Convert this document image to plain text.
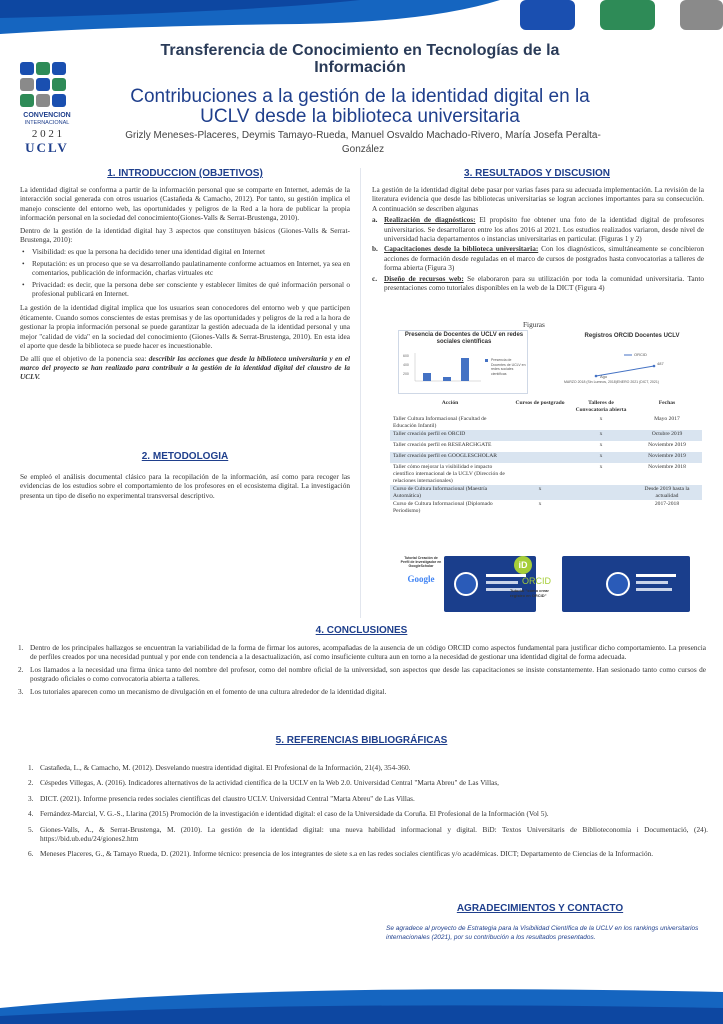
CONVENCION
INTERNACIONAL
2 0 2 1
UCLV
Transferencia de Conocimiento en Tecnologías de la Información
Contribuciones a la gestión de la identidad digital en la UCLV desde la biblioteca universitaria
Grizly Meneses-Placeres, Deymis Tamayo-Rueda, Manuel Osvaldo Machado-Rivero, María Josefa Peralta-González
1. INTRODUCCION (OBJETIVOS)

La identidad digital se conforma a partir de la información personal que se comparte en Internet, además de la interacción social generada con otros usuarios (Castañeda & Camacho, 2012). Por tanto, su gestión implica el manejo consciente del entorno web, las oportunidades y peligros de la Red a la hora de publicar la propia información personal en la sociedad del conocimiento(Giones-Valls & Serrat-Brustenga, 2010).

Dentro de la gestión de la identidad digital hay 3 aspectos que constituyen básicos (Giones-Valls & Serrat-Brustenga, 2010):

• Visibilidad: es que la persona ha decidido tener una identidad digital en Internet
• Reputación: es un proceso que se va desarrollando paulatinamente conforme actuamos en Internet, ya sea en comentarios, publicación de información, charlas virtuales etc
• Privacidad: es decir, que la persona debe ser consciente y establecer límites de qué información personal o profesional publicará en Internet.

La gestión de la identidad digital implica que los usuarios sean conocedores del entorno web y que participen éticamente. Cuando somos conscientes de estas premisas y de las oportunidades y peligros de la red a la hora de gestionar la propia información personal se puede garantizar la gestión adecuada de la identidad personal y una mejor "calidad de vida" en la sociedad del conocimiento (Giones-Valls & Serrat-Brustenga, 2010). En esta idea el aporte que desde la biblioteca se puede hacer es incuestionable.

De allí que el objetivo de la ponencia sea: describir las acciones que desde la biblioteca universitaria y en el marco del proyecto se han realizado para contribuir a la gestión de la identidad digital del claustro de la UCLV.

2. METODOLOGIA
Se empleó el análisis documental clásico para la recopilación de la información, así como para recoger las evidencias de los estudios sobre el comportamiento de los profesores en el ecosistema digital. La investigación presenta un tipo de diseño no experimental transversal descriptivo.
3. RESULTADOS Y DISCUSION

La gestión de la identidad digital debe pasar por varias fases para su adecuada implementación. La revisión de la literatura evidencia que desde las bibliotecas universitarias se logran acciones importantes para su consecución. A continuación se describen algunas

a. Realización de diagnósticos: El propósito fue obtener una foto de la identidad digital de profesores universitarios. Se desarrollaron entre los años 2016 al 2021. Los estudios realizados variaron, desde nivel de universidad hacia departamentos o instancias universitarias en particular. (Figuras 1 y 2)
b. Capacitaciones desde la biblioteca universitaria: Con los diagnósticos, simultáneamente se concibieron acciones de formación desde reguladas en el marco de cursos de postgrados hasta convocatorias a talleres de forma abierta (Figura 3)
c. Diseño de recursos web: Se elaboraron para su utilización por toda la comunidad universitaria. Tanto presentaciones como tutoriales disponibles en la web de la DICT (Figura 4)
Figuras
Presencia de Docentes de UCLV en redes sociales científicas
600
400
200
Presencia de Docentes de UCLV en redes sociales científicas
Registros ORCID Docentes UCLV
ORCID
487
Ago
MARZO 2018 (Sin Lumnos, 2018)ENERO 2021 (DICT, 2021)
Acción	Cursos de postgrado	Talleres de Convocatoria abierta	Fechas
Taller Cultura Informacional (Facultad de Educación Infantil)		x	Mayo 2017
Taller creación perfil en ORCID		x	Octubre 2019
Taller creación perfil en RESEARCHGATE		x	Noviembre 2019
Taller creación perfil en GOOGLESCHOLAR		x	Noviembre 2019
Taller cómo mejorar la visibilidad e impacto científico internacional de la UCLV (Dirección de relaciones internacionales)		x	Noviembre 2018
Curso de Cultura Informacional (Maestría Automática)	x		Desde 2019 hasta la actualidad
Curso de Cultura Informacional (Diplomado Periodismo)	x		2017-2018
Tutorial Creación de Perfil de Investigador en GoogleScholar
Google
iD
ORCID
Tutorial "cómo crear registro en ORCID"
4. CONCLUSIONES
1. Dentro de los principales hallazgos se encuentran la variabilidad de la forma de firmar los autores, acompañadas de la ausencia de un código ORCID como aspectos fundamental para justificar dicho comportamiento. La presencia de perfiles creados por una necesidad puntual y por ende con tendencia a la desactualización, así como insuficiente cultura aun en torno a la necesidad de gestionar una identidad digital de forma adecuada.
2. Los llamados a la necesidad una firma única tanto del nombre del profesor, como del nombre oficial de la universidad, son aspectos que desde las capacitaciones se insiste constantemente. Han sesionado tanto como cursos de postgrado oficiales o como convocatoria abierta a talleres.
3. Los tutoriales aparecen como un mecanismo de divulgación en el fomento de una cultura alrededor de la identidad digital.
5. REFERENCIAS BIBLIOGRÁFICAS
1. Castañeda, L., & Camacho, M. (2012). Desvelando nuestra identidad digital. El Profesional de la Información, 21(4), 354-360.
2. Céspedes Villegas, A. (2016). Indicadores alternativos de la actividad científica de la UCLV en la Web 2.0. Universidad Central "Marta Abreu" de Las Villas,
3. DICT. (2021). Informe presencia redes sociales científicas del claustro UCLV. Universidad Central "Marta Abreu" de Las Villas.
4. Fernández-Marcial, V. G.-S., Llarina (2015) Promoción de la investigación e identidad digital: el caso de la Universidade da Coruña. El Profesional de la Información (Vol 5).
5. Giones-Valls, A., & Serrat-Brustenga, M. (2010). La gestión de la identidad digital: una nueva habilidad informacional y digital. BiD: Textos Universitaris de Biblioteconomia i Documentació, (24). https://bid.ub.edu/24/giones2.htm
6. Meneses Placeres, G., & Tamayo Rueda, D. (2021). Informe técnico: presencia de los integrantes de siete s.a en las redes sociales científicas y/o académicas. DICT; Departamento de Ciencias de la Información.
AGRADECIMIENTOS Y CONTACTO
Se agradece al proyecto de Estrategia para la Visibilidad Científica de la UCLV en los rankings universitarios internacionales (2021), por su contribución a los resultados presentados.
